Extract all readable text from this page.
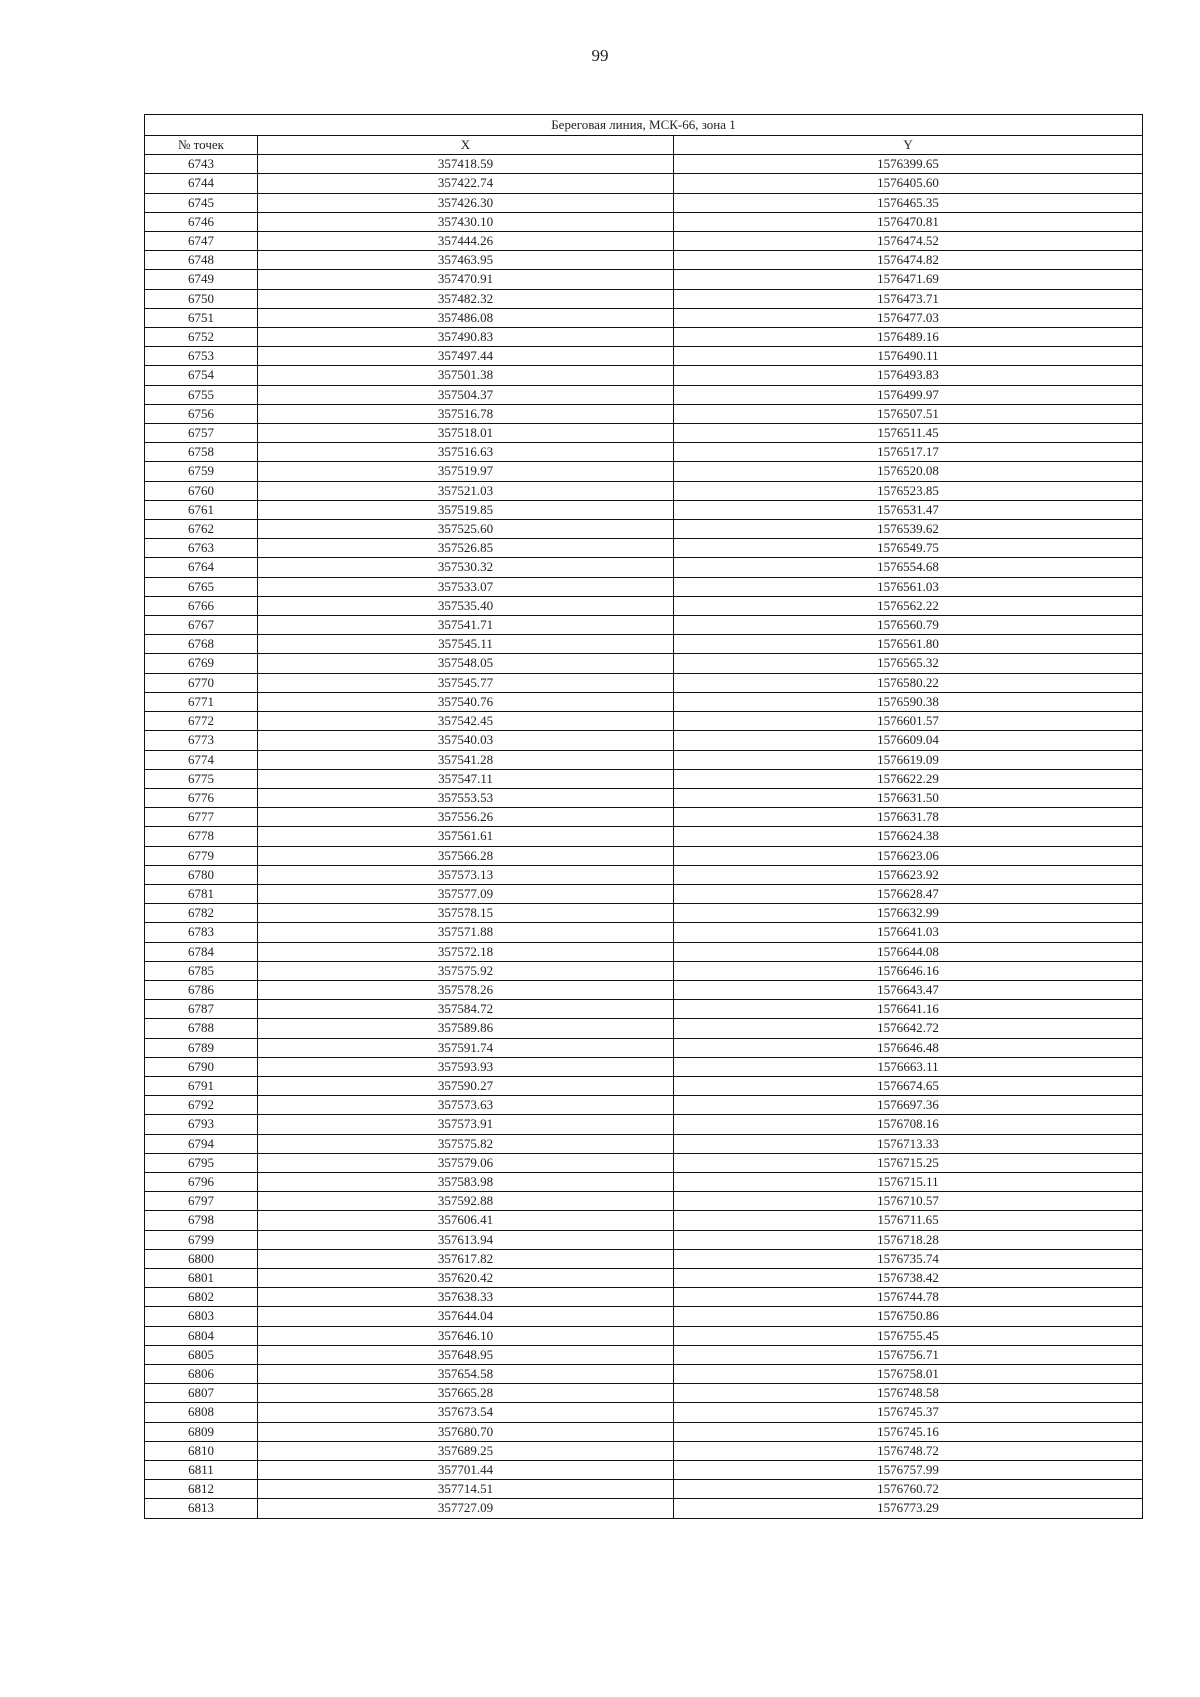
99
Береговая линия, МСК-66, зона 1		
№ точек	X	Y
6743	357418.59	1576399.65
6744	357422.74	1576405.60
6745	357426.30	1576465.35
6746	357430.10	1576470.81
6747	357444.26	1576474.52
6748	357463.95	1576474.82
6749	357470.91	1576471.69
6750	357482.32	1576473.71
6751	357486.08	1576477.03
6752	357490.83	1576489.16
6753	357497.44	1576490.11
6754	357501.38	1576493.83
6755	357504.37	1576499.97
6756	357516.78	1576507.51
6757	357518.01	1576511.45
6758	357516.63	1576517.17
6759	357519.97	1576520.08
6760	357521.03	1576523.85
6761	357519.85	1576531.47
6762	357525.60	1576539.62
6763	357526.85	1576549.75
6764	357530.32	1576554.68
6765	357533.07	1576561.03
6766	357535.40	1576562.22
6767	357541.71	1576560.79
6768	357545.11	1576561.80
6769	357548.05	1576565.32
6770	357545.77	1576580.22
6771	357540.76	1576590.38
6772	357542.45	1576601.57
6773	357540.03	1576609.04
6774	357541.28	1576619.09
6775	357547.11	1576622.29
6776	357553.53	1576631.50
6777	357556.26	1576631.78
6778	357561.61	1576624.38
6779	357566.28	1576623.06
6780	357573.13	1576623.92
6781	357577.09	1576628.47
6782	357578.15	1576632.99
6783	357571.88	1576641.03
6784	357572.18	1576644.08
6785	357575.92	1576646.16
6786	357578.26	1576643.47
6787	357584.72	1576641.16
6788	357589.86	1576642.72
6789	357591.74	1576646.48
6790	357593.93	1576663.11
6791	357590.27	1576674.65
6792	357573.63	1576697.36
6793	357573.91	1576708.16
6794	357575.82	1576713.33
6795	357579.06	1576715.25
6796	357583.98	1576715.11
6797	357592.88	1576710.57
6798	357606.41	1576711.65
6799	357613.94	1576718.28
6800	357617.82	1576735.74
6801	357620.42	1576738.42
6802	357638.33	1576744.78
6803	357644.04	1576750.86
6804	357646.10	1576755.45
6805	357648.95	1576756.71
6806	357654.58	1576758.01
6807	357665.28	1576748.58
6808	357673.54	1576745.37
6809	357680.70	1576745.16
6810	357689.25	1576748.72
6811	357701.44	1576757.99
6812	357714.51	1576760.72
6813	357727.09	1576773.29
